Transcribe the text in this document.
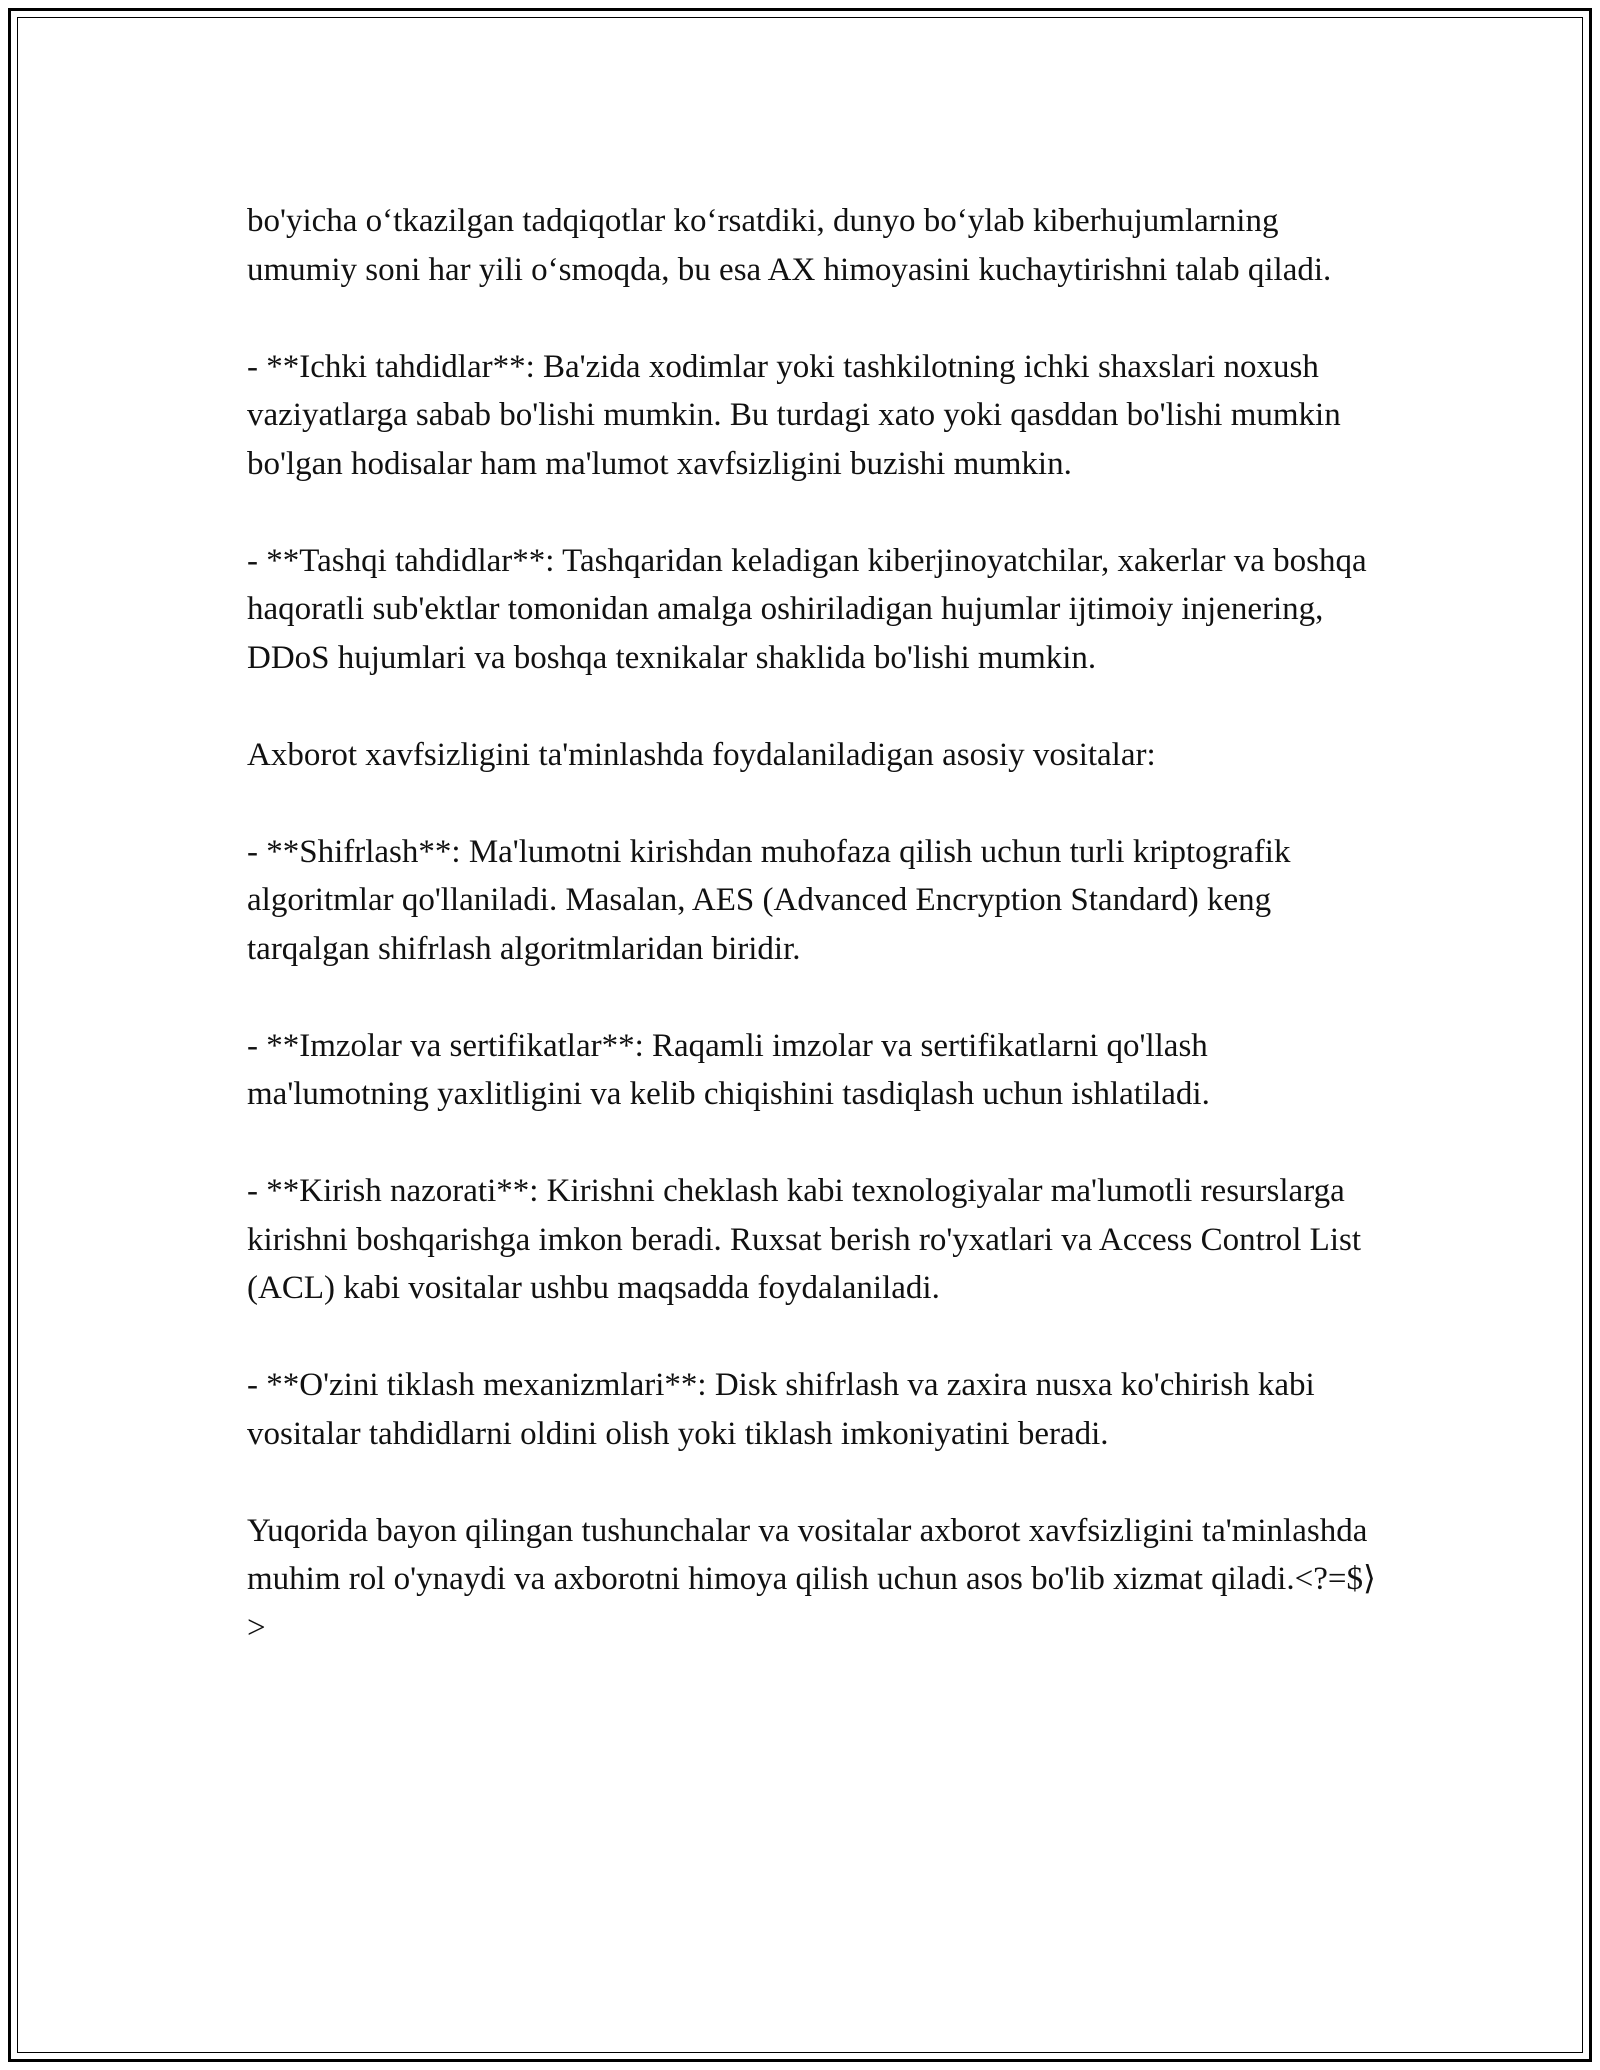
bo'yicha oʻtkazilgan tadqiqotlar koʻrsatdiki, dunyo boʻylab kiberhujumlarning umumiy soni har yili oʻsmoqda, bu esa AX himoyasini kuchaytirishni talab qiladi.

- **Ichki tahdidlar**: Ba'zida xodimlar yoki tashkilotning ichki shaxslari noxush vaziyatlarga sabab bo'lishi mumkin. Bu turdagi xato yoki qasddan bo'lishi mumkin bo'lgan hodisalar ham ma'lumot xavfsizligini buzishi mumkin.

- **Tashqi tahdidlar**: Tashqaridan keladigan kiberjinoyatchilar, xakerlar va boshqa haqoratli sub'ektlar tomonidan amalga oshiriladigan hujumlar ijtimoiy injenering, DDoS hujumlari va boshqa texnikalar shaklida bo'lishi mumkin.

Axborot xavfsizligini ta'minlashda foydalaniladigan asosiy vositalar:

- **Shifrlash**: Ma'lumotni kirishdan muhofaza qilish uchun turli kriptografik algoritmlar qo'llaniladi. Masalan, AES (Advanced Encryption Standard) keng tarqalgan shifrlash algoritmlaridan biridir.

- **Imzolar va sertifikatlar**: Raqamli imzolar va sertifikatlarni qo'llash ma'lumotning yaxlitligini va kelib chiqishini tasdiqlash uchun ishlatiladi.

- **Kirish nazorati**: Kirishni cheklash kabi texnologiyalar ma'lumotli resurslarga kirishni boshqarishga imkon beradi. Ruxsat berish ro'yxatlari va Access Control List (ACL) kabi vositalar ushbu maqsadda foydalaniladi.

- **O'zini tiklash mexanizmlari**: Disk shifrlash va zaxira nusxa ko'chirish kabi vositalar tahdidlarni oldini olish yoki tiklash imkoniyatini beradi.

Yuqorida bayon qilingan tushunchalar va vositalar axborot xavfsizligini ta'minlashda muhim rol o'ynaydi va axborotni himoya qilish uchun asos bo'lib xizmat qiladi.<?=$⟩>
